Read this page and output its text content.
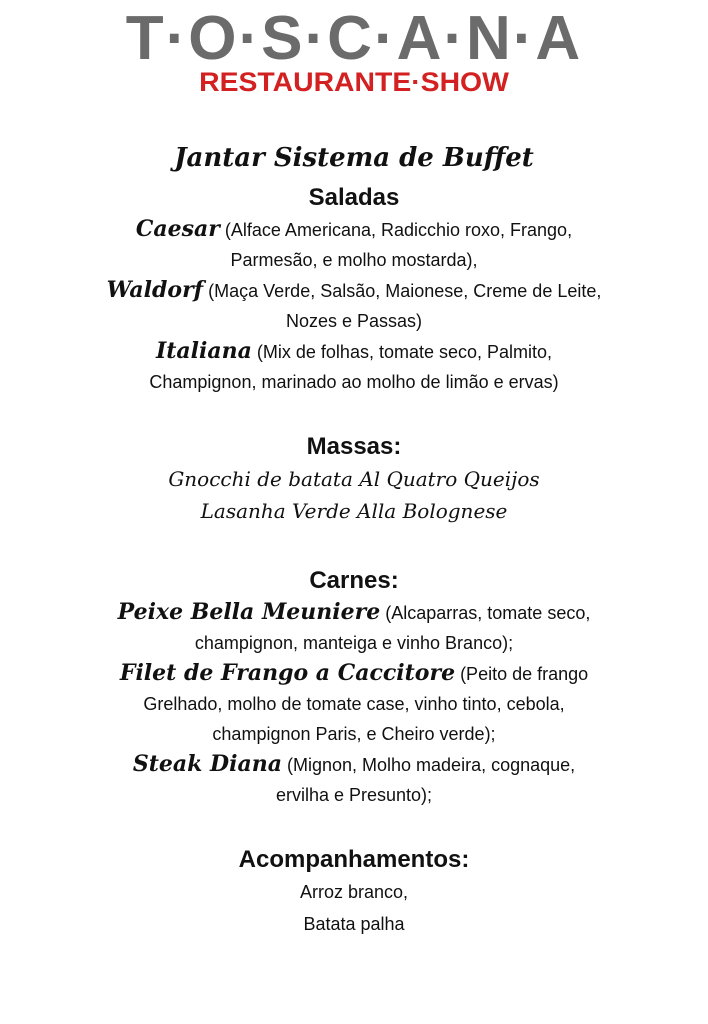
T·O·S·C·A·N·A
RESTAURANTE·SHOW
Jantar Sistema de Buffet
Saladas

Caesar (Alface Americana, Radicchio roxo, Frango, Parmesão, e molho mostarda),

Waldorf (Maça Verde, Salsão, Maionese, Creme de Leite, Nozes e Passas)

Italiana (Mix de folhas, tomate seco, Palmito, Champignon, marinado ao molho de limão e ervas)

Massas:

Gnocchi de batata Al Quatro Queijos

Lasanha Verde Alla Bolognese

Carnes:

Peixe Bella Meuniere (Alcaparras, tomate seco, champignon, manteiga e vinho Branco);

Filet de Frango a Caccitore (Peito de frango Grelhado, molho de tomate case, vinho tinto, cebola, champignon Paris, e Cheiro verde);

Steak Diana (Mignon, Molho madeira, cognaque, ervilha e Presunto);

Acompanhamentos:

Arroz branco,

Batata palha
